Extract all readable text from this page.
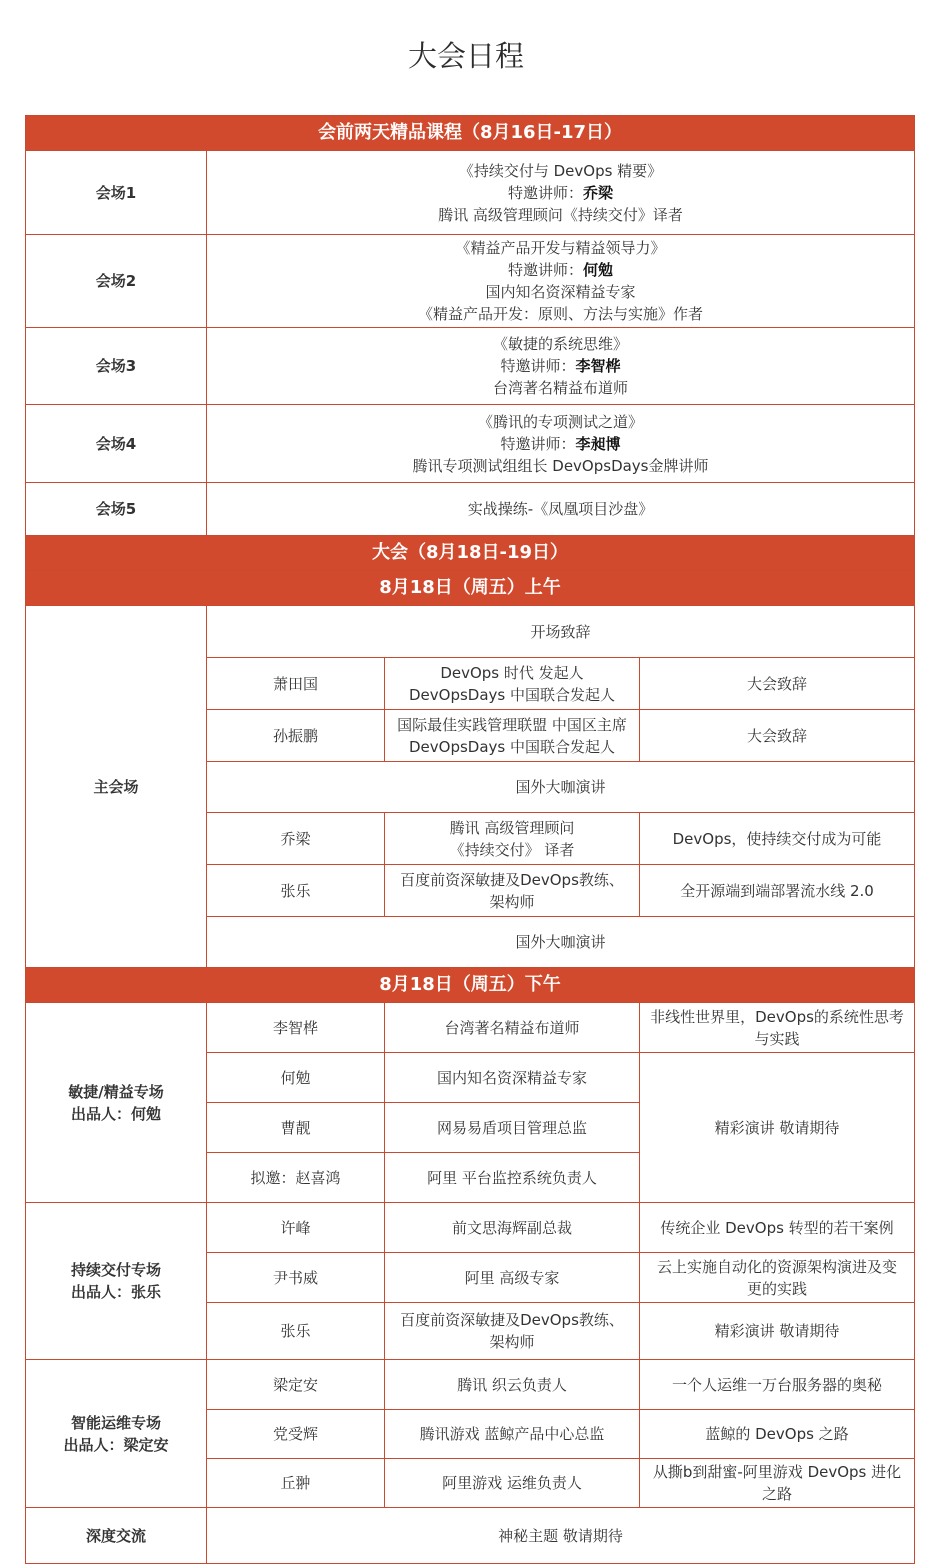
大会日程
会前两天精品课程（8月16日-17日）			
会场1	《持续交付与 DevOps 精要》
特邀讲师：乔梁
腾讯 高级管理顾问《持续交付》译者		

会场2	《精益产品开发与精益领导力》
特邀讲师：何勉
国内知名资深精益专家
《精益产品开发：原则、方法与实施》作者		

会场3	《敏捷的系统思维》
特邀讲师：李智桦
台湾著名精益布道师		

会场4	《腾讯的专项测试之道》
特邀讲师：李昶博
腾讯专项测试组组长 DevOpsDays金牌讲师		

会场5	实战操练-《凤凰项目沙盘》		
大会（8月18日-19日）			
8月18日（周五）上午			
主会场	开场致辞		
	萧田国	DevOps 时代 发起人
DevOpsDays 中国联合发起人	大会致辞
	孙振鹏	国际最佳实践管理联盟 中国区主席
DevOpsDays 中国联合发起人	大会致辞
	国外大咖演讲		
	乔梁	腾讯 高级管理顾问
《持续交付》 译者	DevOps，使持续交付成为可能
	张乐	百度前资深敏捷及DevOps教练、
架构师	全开源端到端部署流水线 2.0
	国外大咖演讲		
8月18日（周五）下午			

敏捷/精益专场
出品人：何勉	李智桦	台湾著名精益布道师	非线性世界里，DevOps的系统性思考
与实践

	何勉	国内知名资深精益专家	精彩演讲 敬请期待
	曹靓	网易易盾项目管理总监	
	拟邀：赵喜鸿	阿里 平台监控系统负责人	

持续交付专场
出品人：张乐	许峰	前文思海辉副总裁	传统企业 DevOps 转型的若干案例
	尹书威	阿里 高级专家	云上实施自动化的资源架构演进及变
更的实践

	张乐	百度前资深敏捷及DevOps教练、
架构师	精彩演讲 敬请期待

智能运维专场
出品人：梁定安	梁定安	腾讯 织云负责人	一个人运维一万台服务器的奥秘
	党受辉	腾讯游戏 蓝鲸产品中心总监	蓝鲸的 DevOps 之路
	丘翀	阿里游戏 运维负责人	从撕b到甜蜜-阿里游戏 DevOps 进化
之路

深度交流	神秘主题 敬请期待		
